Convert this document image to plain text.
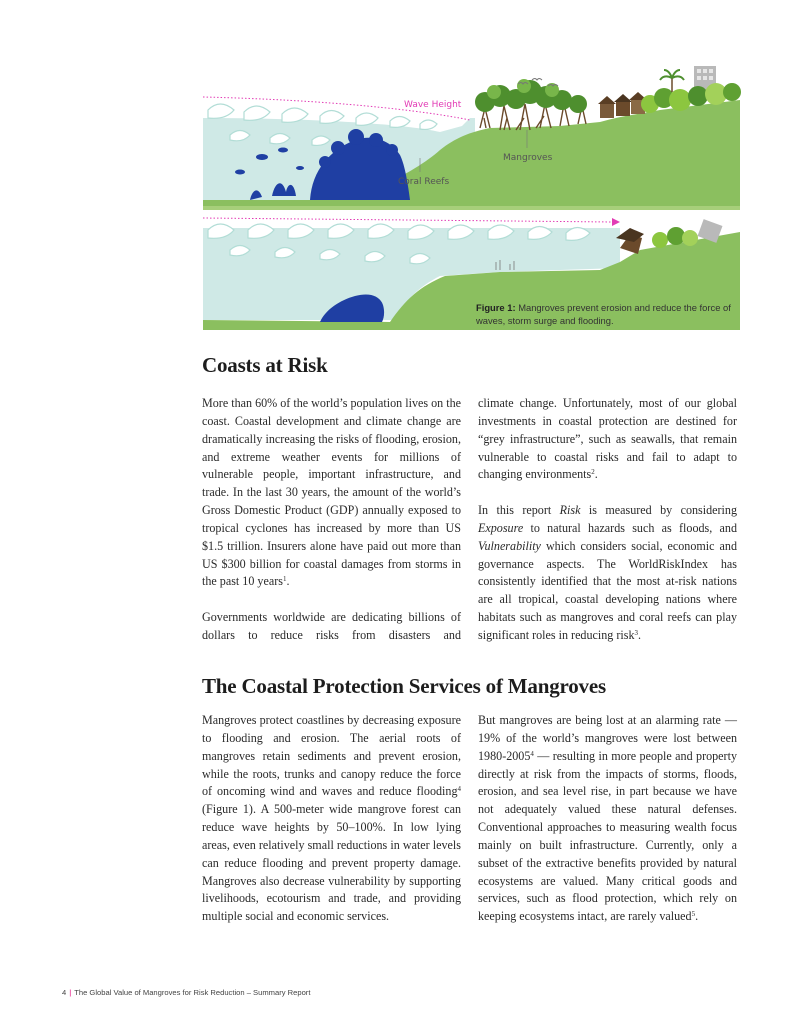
Wave Height
Mangroves
Coral Reefs
Figure 1: Mangroves prevent erosion and reduce the force of waves, storm surge and flooding.
Coasts at Risk

More than 60% of the world’s population lives on the coast. Coastal development and climate change are dramatically increasing the risks of flooding, erosion, and extreme weather events for millions of vulnerable people, important infrastructure, and trade. In the last 30 years, the amount of the world’s Gross Domestic Product (GDP) annually exposed to tropical cyclones has increased by more than US $1.5 trillion. Insurers alone have paid out more than US $300 billion for coastal damages from storms in the past 10 years$^1$.

Governments worldwide are dedicating billions of dollars to reduce risks from disasters and

climate change. Unfortunately, most of our global investments in coastal protection are destined for “grey infrastructure”, such as seawalls, that remain vulnerable to coastal risks and fail to adapt to changing environments$^2$.

In this report Risk is measured by considering Exposure to natural hazards such as floods, and Vulnerability which considers social, economic and governance aspects. The WorldRiskIndex has consistently identified that the most at-risk nations are all tropical, coastal developing nations where habitats such as mangroves and coral reefs can play significant roles in reducing risk$^3$.

The Coastal Protection Services of Mangroves

Mangroves protect coastlines by decreasing exposure to flooding and erosion. The aerial roots of mangroves retain sediments and prevent erosion, while the roots, trunks and canopy reduce the force of oncoming wind and waves and reduce flooding$^4$ (Figure 1). A 500-meter wide mangrove forest can reduce wave heights by 50–100%. In low lying areas, even relatively small reductions in water levels can reduce flooding and prevent property damage. Mangroves also decrease vulnerability by supporting livelihoods, ecotourism and trade, and providing multiple social and economic services.

But mangroves are being lost at an alarming rate — 19% of the world’s mangroves were lost between 1980-2005$^4$ — resulting in more people and property directly at risk from the impacts of storms, floods, erosion, and sea level rise, in part because we have not adequately valued these natural defenses. Conventional approaches to measuring wealth focus mainly on built infrastructure. Currently, only a subset of the extractive benefits provided by natural ecosystems are valued. Many critical goods and services, such as flood protection, which rely on keeping ecosystems intact, are rarely valued$^5$.

4 | The Global Value of Mangroves for Risk Reduction – Summary Report
